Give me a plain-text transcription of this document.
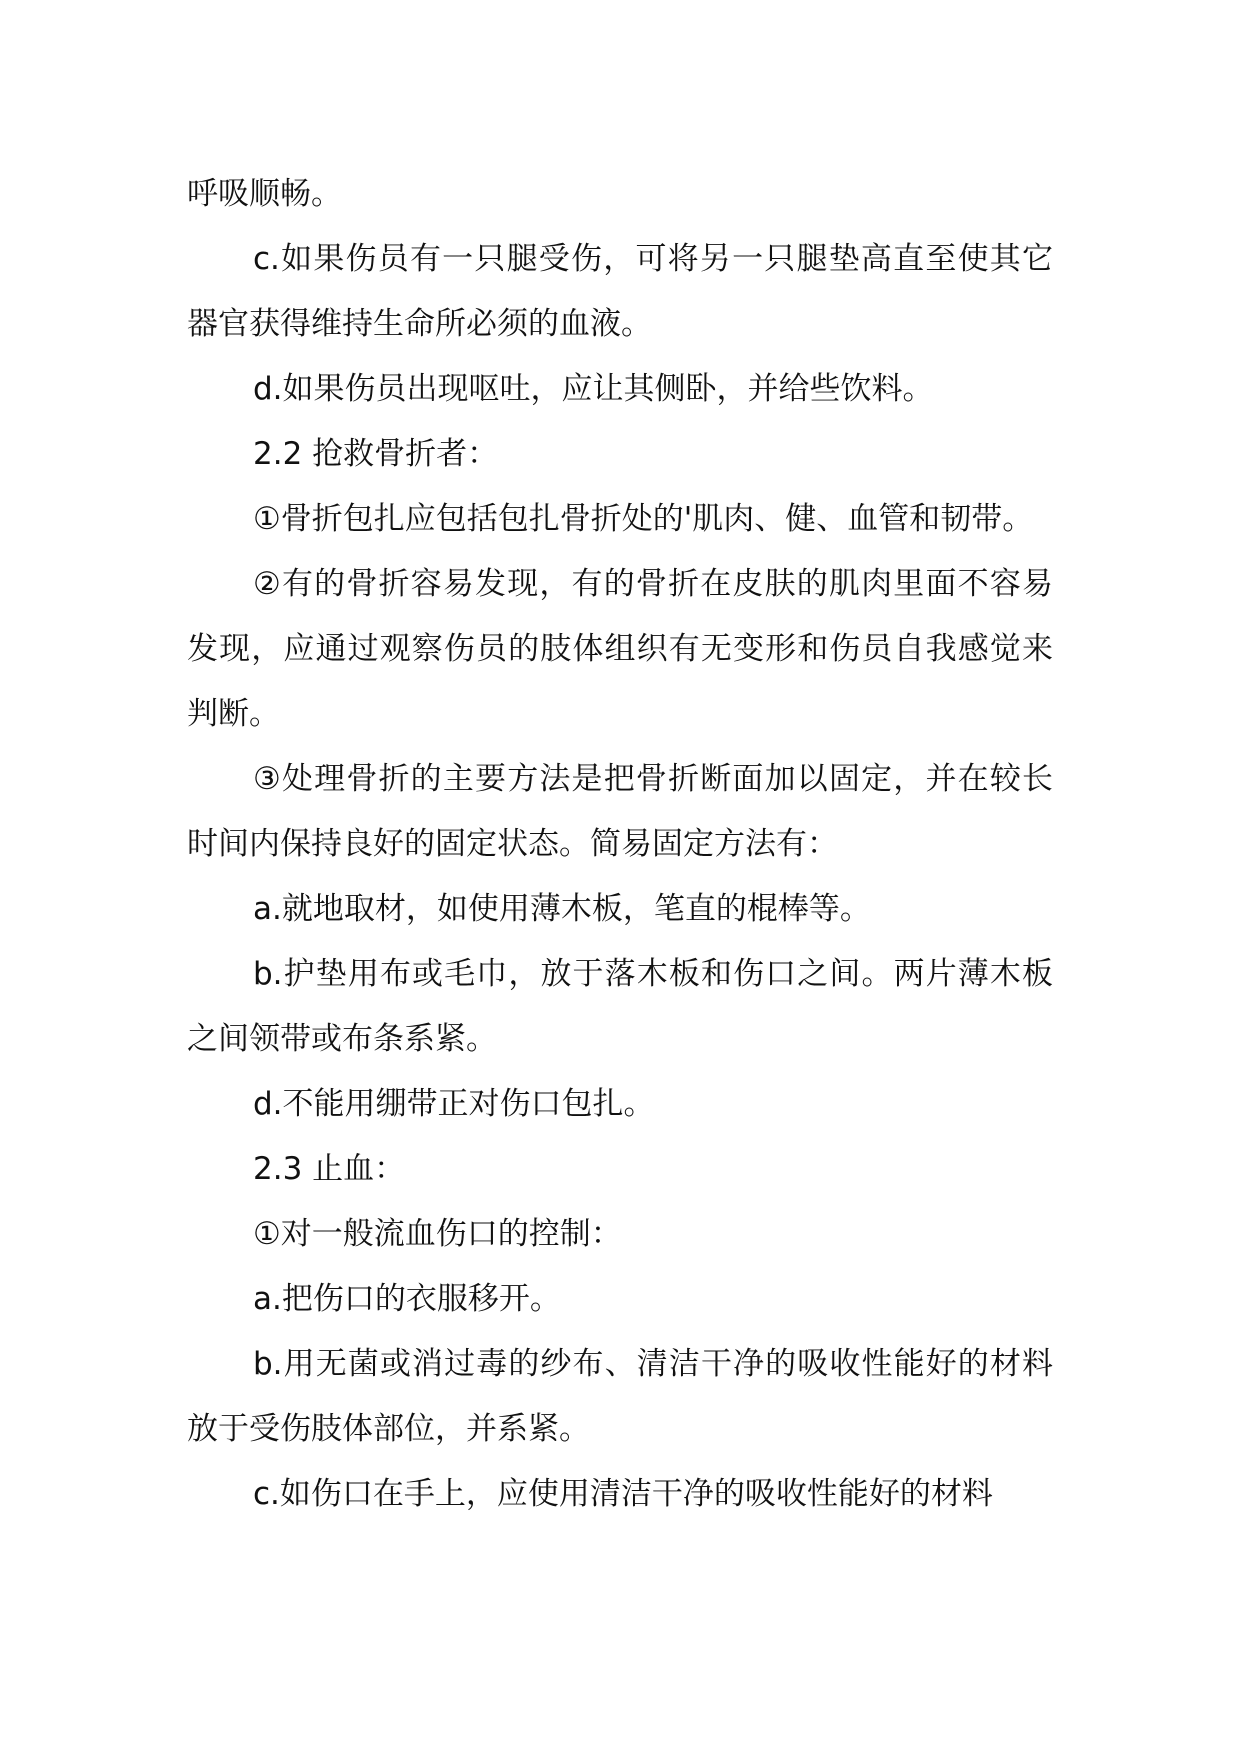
呼吸顺畅。

c.如果伤员有一只腿受伤，可将另一只腿垫高直至使其它器官获得维持生命所必须的血液。

d.如果伤员出现呕吐，应让其侧卧，并给些饮料。

2.2 抢救骨折者：

①骨折包扎应包括包扎骨折处的'肌肉、健、血管和韧带。

②有的骨折容易发现，有的骨折在皮肤的肌肉里面不容易发现，应通过观察伤员的肢体组织有无变形和伤员自我感觉来判断。

③处理骨折的主要方法是把骨折断面加以固定，并在较长时间内保持良好的固定状态。简易固定方法有：

a.就地取材，如使用薄木板，笔直的棍棒等。

b.护垫用布或毛巾，放于落木板和伤口之间。两片薄木板之间领带或布条系紧。

d.不能用绷带正对伤口包扎。

2.3 止血：

①对一般流血伤口的控制：

a.把伤口的衣服移开。

b.用无菌或消过毒的纱布、清洁干净的吸收性能好的材料放于受伤肢体部位，并系紧。

c.如伤口在手上，应使用清洁干净的吸收性能好的材料
